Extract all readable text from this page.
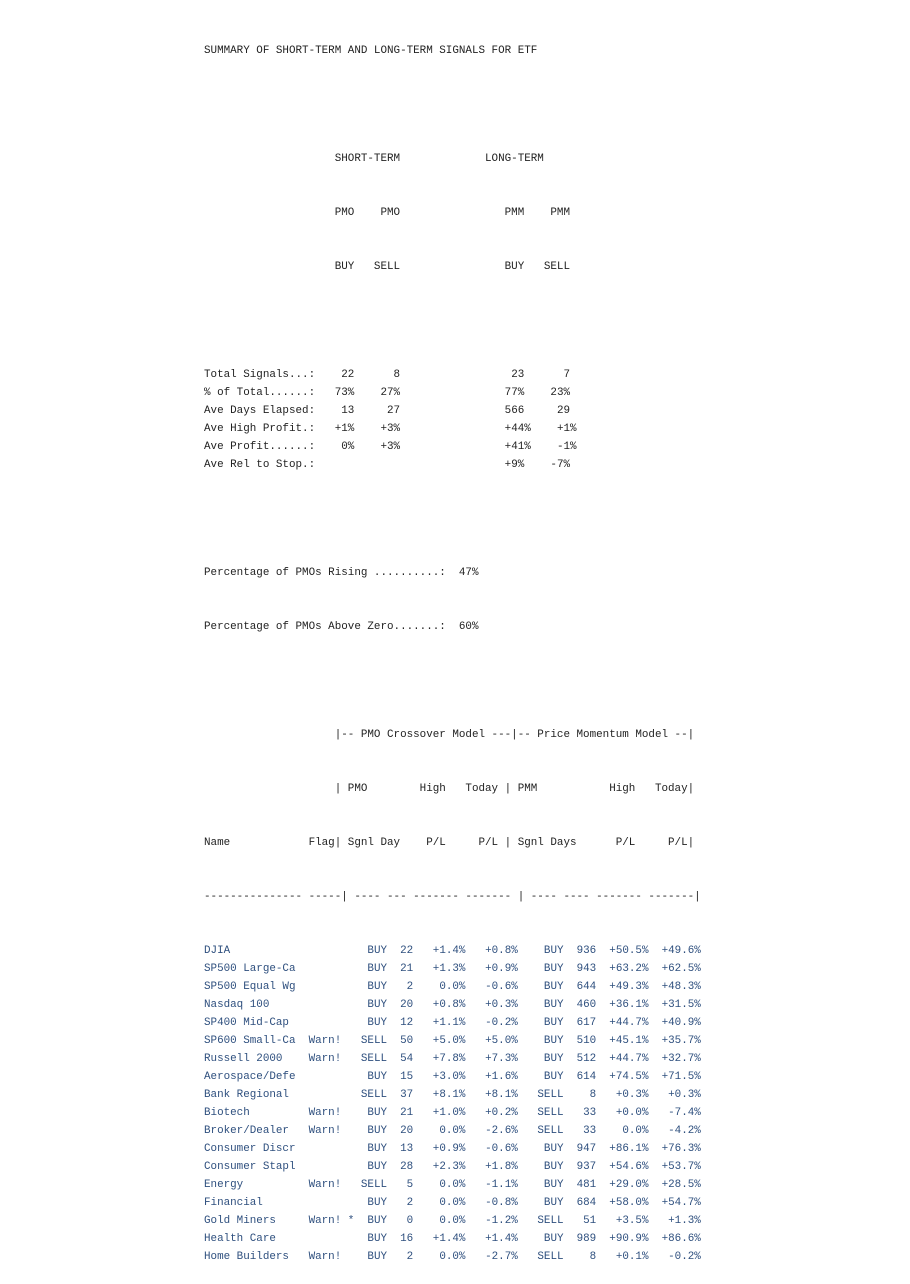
SUMMARY OF SHORT-TERM AND LONG-TERM SIGNALS FOR ETF

SHORT-TERM             LONG-TERM

PMO    PMO                PMM    PMM

BUY   SELL                BUY   SELL

Total Signals...:    22      8	23      7
% of Total......:   73%    27%	77%    23%
Ave Days Elapsed:    13     27	566     29
Ave High Profit.:   +1%    +3%	+44%    +1%
Ave Profit......:    0%    +3%	+41%    -1%
Ave Rel to Stop.:	+9%    -7%

Percentage of PMOs Rising ..........: 47%

Percentage of PMOs Above Zero.......: 60%

|-- PMO Crossover Model ---|-- Price Momentum Model --|

| PMO        High   Today | PMM           High   Today|

Name            Flag| Sgnl Day    P/L     P/L | Sgnl Days      P/L     P/L|

--------------- -----| ---- --- ------- ------- | ---- ---- ------- -------|

DJIA	BUY  22   +1.4%   +0.8%    BUY  936  +50.5%  +49.6%
SP500 Large-Ca	BUY  21   +1.3%   +0.9%    BUY  943  +63.2%  +62.5%
SP500 Equal Wg	BUY   2    0.0%   -0.6%    BUY  644  +49.3%  +48.3%
Nasdaq 100	BUY  20   +0.8%   +0.3%    BUY  460  +36.1%  +31.5%
SP400 Mid-Cap	BUY  12   +1.1%   -0.2%    BUY  617  +44.7%  +40.9%
SP600 Small-Ca  Warn! SELL  50   +5.0%   +5.0%    BUY  510  +45.1%  +35.7%
Russell 2000    Warn! SELL  54   +7.8%   +7.3%    BUY  512  +44.7%  +32.7%
Aerospace/Defe	BUY  15   +3.0%   +1.6%    BUY  614  +74.5%  +71.5%
Bank Regional	SELL  37   +8.1%   +8.1%   SELL    8   +0.3%   +0.3%
Biotech         Warn!    BUY  21   +1.0%   +0.2%   SELL   33   +0.0%   -7.4%
Broker/Dealer   Warn!    BUY  20    0.0%   -2.6%   SELL   33    0.0%   -4.2%
Consumer Discr	BUY  13   +0.9%   -0.6%    BUY  947  +86.1%  +76.3%
Consumer Stapl	BUY  28   +2.3%   +1.8%    BUY  937  +54.6%  +53.7%
Energy          Warn! SELL   5    0.0%   -1.1%    BUY  481  +29.0%  +28.5%
Financial	BUY   2    0.0%   -0.8%    BUY  684  +58.0%  +54.7%
Gold Miners     Warn! *  BUY   0    0.0%   -1.2%   SELL   51   +3.5%   +1.3%
Health Care	BUY  16   +1.4%   +1.4%    BUY  989  +90.9%  +86.6%
Home Builders   Warn!    BUY   2    0.0%   -2.7%   SELL    8   +0.1%   -0.2%
